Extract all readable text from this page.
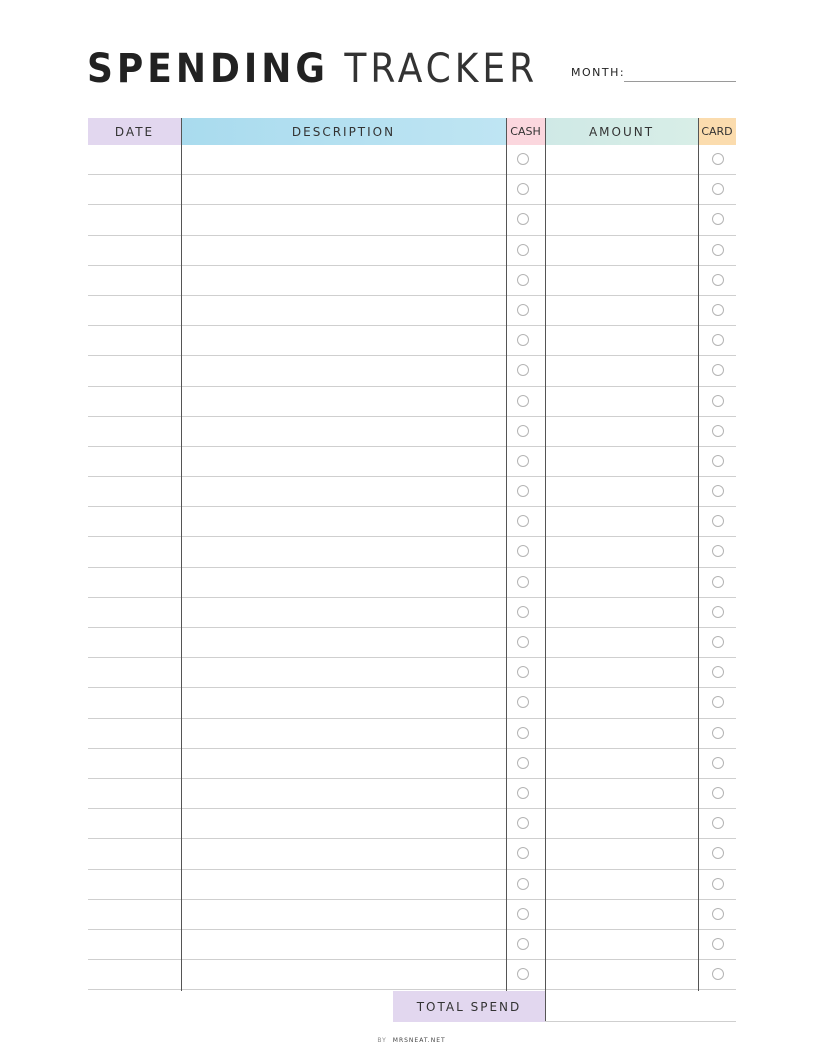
SPENDING TRACKER	MONTH:
DATE	DESCRIPTION	CASH	AMOUNT	CARD
TOTAL SPEND
BY MRSNEAT.NET
